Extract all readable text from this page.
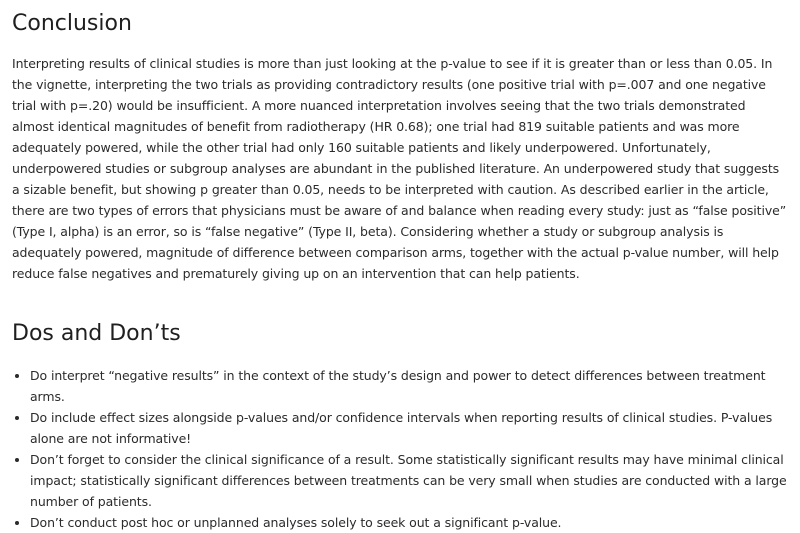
Conclusion

Interpreting results of clinical studies is more than just looking at the p-value to see if it is greater than or less than 0.05. In the vignette, interpreting the two trials as providing contradictory results (one positive trial with p=.007 and one negative trial with p=.20) would be insufficient. A more nuanced interpretation involves seeing that the two trials demonstrated almost identical magnitudes of benefit from radiotherapy (HR 0.68); one trial had 819 suitable patients and was more adequately powered, while the other trial had only 160 suitable patients and likely underpowered. Unfortunately, underpowered studies or subgroup analyses are abundant in the published literature. An underpowered study that suggests a sizable benefit, but showing p greater than 0.05, needs to be interpreted with caution. As described earlier in the article, there are two types of errors that physicians must be aware of and balance when reading every study: just as “false positive” (Type I, alpha) is an error, so is “false negative” (Type II, beta). Considering whether a study or subgroup analysis is adequately powered, magnitude of difference between comparison arms, together with the actual p-value number, will help reduce false negatives and prematurely giving up on an intervention that can help patients.

Dos and Don’ts
• Do interpret “negative results” in the context of the study’s design and power to detect differences between treatment arms.
• Do include effect sizes alongside p-values and/or confidence intervals when reporting results of clinical studies. P-values alone are not informative!
• Don’t forget to consider the clinical significance of a result. Some statistically significant results may have minimal clinical impact; statistically significant differences between treatments can be very small when studies are conducted with a large number of patients.
• Don’t conduct post hoc or unplanned analyses solely to seek out a significant p-value.
